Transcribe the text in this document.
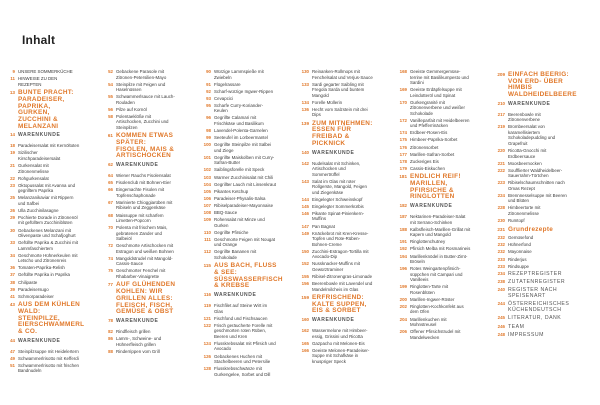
Inhalt
9 UNSERE SOMMERKÜCHE
11 HINWEISE ZU DEN REZEPTEN
13 BUNTE PRACHT: PARADEISER, PAPRIKA, GURKEN, ZUCCHINI & MELANZANI
14 WARENKUNDE
18 Paradeisersalat mit Kernöltoten
19 Sizilischer Kirschparadeisersalat
21 Gurkensalat mit Zitronenmelisse
22 Rohgurkensalat
23 Oktopussalat mit Avanna und gegrilltem Paprika
25 Melanzanikaviar mit Rippern und Safbei
26 Ulla Zucchinilasagne
29 Pochierte Dorade in Zitronenöl mit gefülltem Zucchiniblüten
30 Gebackenes Melanzani mit Olivenpaste und Schafjoghurt
33 Gefüllte Paprika & Zucchini mit Lammfaschiertem
34 Geschmorte Hühnerkeulen mit Letscho und Zitronenreis
36 Tomaten-Paprika-Relish
37 Gefüllte Paprika in Paprika
38 Chilipaste
39 Paradeisersugo
41 Schmorparadeiser
43 AUS DEM KÜHLEN WALD: STEINPILZE, EIERSCHWAMMERL & CO.
44 WARENKUNDE
47 Steinpilzsuppe mit Heidelertern
49 Schwammerlrisotto mit Kefferdi
51 Schwammerlrisotto mit frischen Bandnudeln
52 Gebackene Parasole mit Zitronen-Petersilien-Mayo
54 Steinpilze mit Feigen und Haselnüssen
55 Schwammerlsauce mit Lauch-Rouladen
56 Pilze auf Kornöl
58 Polentaeklöße mit Artischocken, Zucchini und Steinpilzen
61 KOMMEN ETWAS SPÄTER: FISOLEN, MAIS & ARTISCHOCKEN
62 WARENKUNDE
64 Wiener Rauchs Fisolensalat
65 Fisolenclub mit Bohnen-Eier
66 Eingemachte Fisolen mit Topfenschaphonade
67 Marinierte Chioggiarüben mit Ribiseln und Zeggenkäse
68 Maissuppe mit scharfem Limetten-Popcorn
70 Polenta mit frischem Mais, gebratenen Zander und Salbeiöl
72 Geschmorte Artischocken mit Estragon und weißen Bohnen
74 Mangoldstrudel mit Mangold-Cassis-Sauce
75 Geschmorter Fenchel mit Rhabarber-Vinaigrette
77 AUF GLÜHENDEN KOHLEN: WIR GRILLEN ALLES: FLEISCH, FISCH, GEMÜSE & OBST
78 WARENKUNDE
82 Rindfleisch grillen
86 Lamm-, Schweine- und Hühnerfleisch grillen
88 Rinderrippen vom Grill
90 Würzige Lammspieße mit Zwiebeln
91 Flügelrassare
92 Scharf-würzige Ingwer-Rippen
93 Cevapcici
95 Scharfe Curry-Koriander-Keulen
96 Gegrillte Calamari mit Frischkäse und Basilikum
98 Lavendel-Polenta-Garnelen
99 Seeteufel im Lorbeermantel
100 Gegrillte Steinpilze mit Salbei und Ziege
101 Gegrillte Maiskolben mit Curry-Safran-Butter
102 Saiblingsforelle mit Speck
103 Warmer Zucchinisalat mit Chili
104 Gegrillter Lauch mit Linsenkraut
105 Pikantes Ketchup
106 Paradeiser-Physalis-Salsa
107 Ribiselparadeiser-Mayonnaise
108 BBQ-Sauce
109 Rohensalat mit Minze und Gurken
110 Gegrillte Pfirsiche
111 Geschmorte Feigen mit Nougat und Orange
112 Gegrillte Bananen mit Schokolade
115 AUS BACH, FLUSS & SEE: SÜSSWASSERFISCH & KREBSE
116 WARENKUNDE
119 Fischfilet auf Steine Wirt im Glas
121 Fischfond und Fischsaucen
122 Frisch geräucherte Forelle mit geschmorten roten Rüben, Beeren und Kren
124 Flusskrebssalat mit Pfirsich und Avocado
126 Gebackenes Huchen mit Stachelbeeren und Petersilie
128 Flusskrebsschwänze mit Gurkengelee, Sorbet und Dill
130 Reinanken-Rollmops mit Fenchelsalat und Verjus-Sauce
133 Sardi gegarter Saibling mit Fregola Sarda und buntem Mangold
134 Forelle Müllerin
136 Hecht vom Salzstein mit drei Dips
139 ZUM MITNEHMEN: ESSEN FÜR FREIBAD & PICKNICK
140 WARENKUNDE
142 Nudelsalat mit Schinken, Artischocken und Sommertrüffel
143 Salat im Glas mit roter Rollgerste, Mangold, Feigen und Ziegenkäse
144 Eingelegter Schweinskopf
145 Eingelegter Sommerkürbis
146 Pikante Spinat-Pinienkern-Muffins
147 Pan Bagnat
149 Knäckebrot mit Kren-Kresse-Topfen und Rote-Rüben-Bohnen-Creme
150 Zucchini-Estragon-Tortilla mit Avocado-Dip
152 Nussknacker-Muffins mit Gewürztraminer
155 Ribisel-Zitronengras-Limonade
156 Beerenbowle mit Lavendel und Mandelmilcheis im Glas
159 ERFRISCHEND: KALTE SUPPEN, EIS & SORBET
160 WARENKUNDE
162 Wassermelone mit Himbeer-essig, Grissini und Ricotta
165 Gazpacho mit Melonen-Eis
166 Geeiste Melonen-Paradeiser-Suppe mit Schafkäse in knuspriger Speck
168 Geeiste Gemmergemüse-terrine mit Basilikumpesto und Sardini
169 Geeiste Erdäpfelsuppe mit Leindotteröl und Spinat
170 Gurkengranité mit Zitronenverbene und weißer Schokolade
172 Vanilleparfait mit Heidelbeeren und Pfefferrinäcken
174 Erdbeer-Rosen-Eis
175 Himbeer-Paprika-Sorbet
176 Zitronensorbet
177 Marillen-Safran-Sorbet
178 Zuckeriges Eis
179 Cassis-Eiskuchen
181 ENDLICH REIF! MARILLEN, PFIRSICHE & RINGLOTTEN
182 WARENKUNDE
187 Nektarinen-Paradeiser-Salat mit Serrano-Schinken
188 Kalbsfleisch-Marillen-Grillat mit Kapern und Mangold
191 Ringlottenchutney
192 Pfirsich Melba mit Rosmarineis
194 Marillenknödel in Butter-Zimt-Bröseln
196 Rotes Weingartenpfirsich-süppchen mit Campari und Vanilleeis
199 Ringlotten-Tarte mit Rosenblüten
200 Marillen-Ingwer-Röster
202 Ringlotten-Kochkonfekt aus dem Ofen
204 Marillenkuchen mit Mohnstreusel
206 Offener Pfirsichstrudel mit Mandelwecken
209 EINFACH BEERIG: VON ERD- ÜBER HIMBIS WALDHEIDELBEERE
210 WARENKUNDE
217 Beerenbowle mit Zitronenverbene
219 Brombeersalat von karamellisiertem Schokoladepudding und Grapefruit
220 Ricotta-Gnocchi mit Erdbeersauce
221 Moosbeernocken
222 Soufflierter Waldheidelbeer-Sauerrahm-Törtchen
223 Ribiselschaumschnitten nach Omas Rezept
224 Brennnesselsuppe mit Beeren und Blüten
228 Himbeertorte mit Zitronenmelisse
230 Rumtopf
231 Grundrezepte
232 Gemüsefond
232 Hühnerfond
232 Mayonnaise
233 Rinderjus
233 Rindsuppe
234 REZEPTREGISTER
238 ZUTATENREGISTER
240 REGISTER NACH SPEISENART
244 ÖSTERREICHISCHES KÜCHENDEUTSCH
245 LITERATUR, DANK
246 TEAM
248 IMPRESSUM
